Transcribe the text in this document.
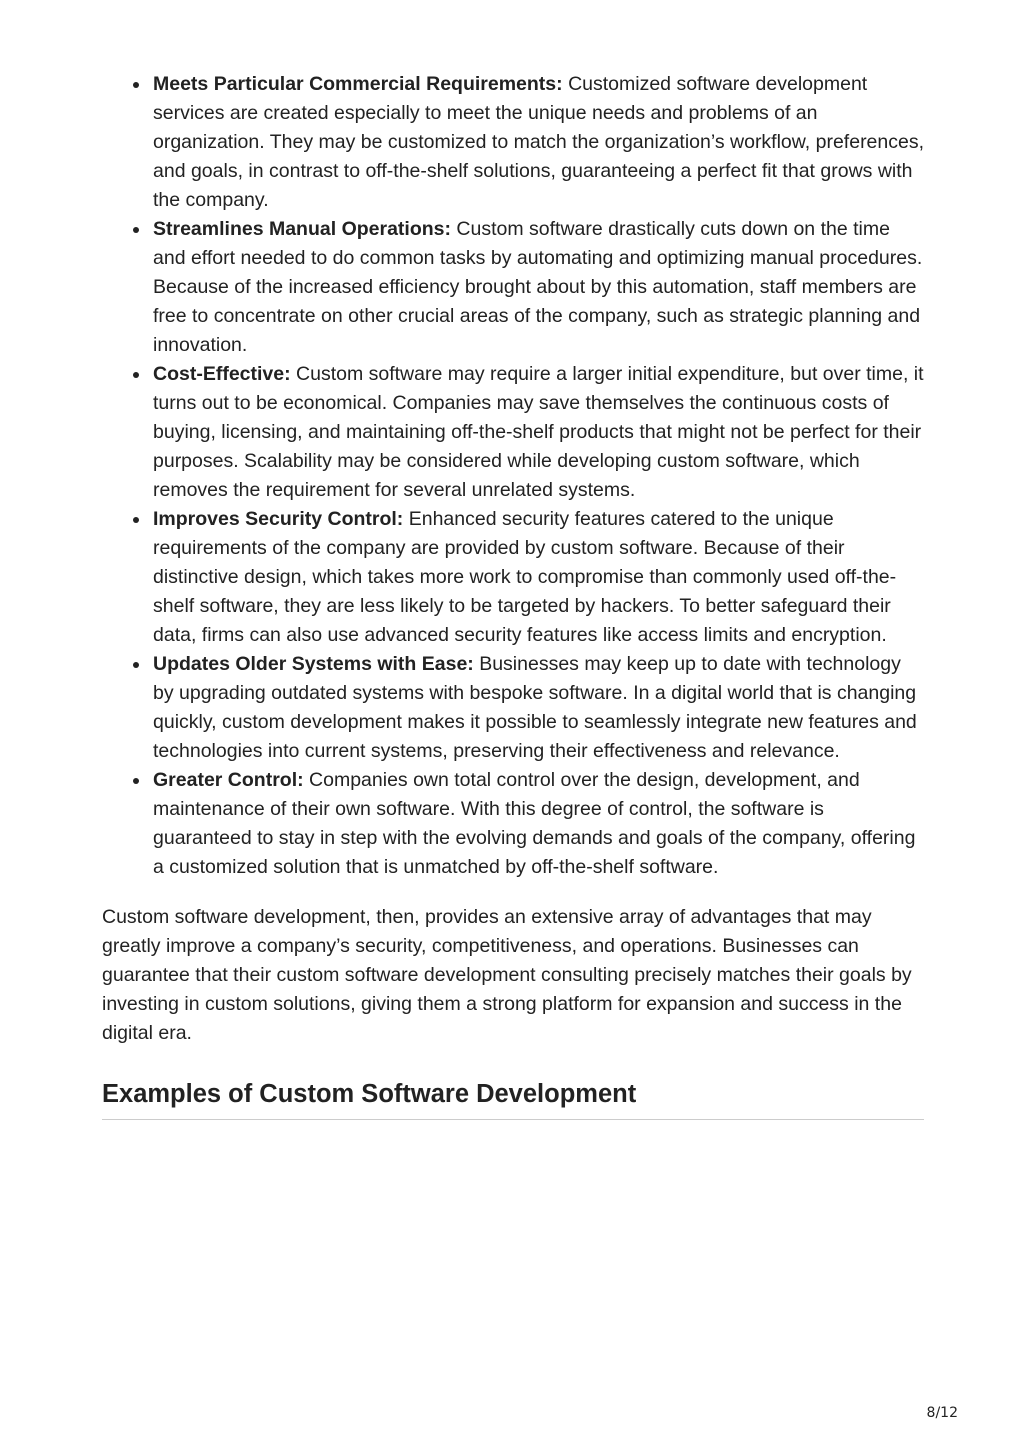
Meets Particular Commercial Requirements: Customized software development services are created especially to meet the unique needs and problems of an organization. They may be customized to match the organization’s workflow, preferences, and goals, in contrast to off-the-shelf solutions, guaranteeing a perfect fit that grows with the company.
Streamlines Manual Operations: Custom software drastically cuts down on the time and effort needed to do common tasks by automating and optimizing manual procedures. Because of the increased efficiency brought about by this automation, staff members are free to concentrate on other crucial areas of the company, such as strategic planning and innovation.
Cost-Effective: Custom software may require a larger initial expenditure, but over time, it turns out to be economical. Companies may save themselves the continuous costs of buying, licensing, and maintaining off-the-shelf products that might not be perfect for their purposes. Scalability may be considered while developing custom software, which removes the requirement for several unrelated systems.
Improves Security Control: Enhanced security features catered to the unique requirements of the company are provided by custom software. Because of their distinctive design, which takes more work to compromise than commonly used off-the-shelf software, they are less likely to be targeted by hackers. To better safeguard their data, firms can also use advanced security features like access limits and encryption.
Updates Older Systems with Ease: Businesses may keep up to date with technology by upgrading outdated systems with bespoke software. In a digital world that is changing quickly, custom development makes it possible to seamlessly integrate new features and technologies into current systems, preserving their effectiveness and relevance.
Greater Control: Companies own total control over the design, development, and maintenance of their own software. With this degree of control, the software is guaranteed to stay in step with the evolving demands and goals of the company, offering a customized solution that is unmatched by off-the-shelf software.

Custom software development, then, provides an extensive array of advantages that may greatly improve a company’s security, competitiveness, and operations. Businesses can guarantee that their custom software development consulting precisely matches their goals by investing in custom solutions, giving them a strong platform for expansion and success in the digital era.

Examples of Custom Software Development
8/12
